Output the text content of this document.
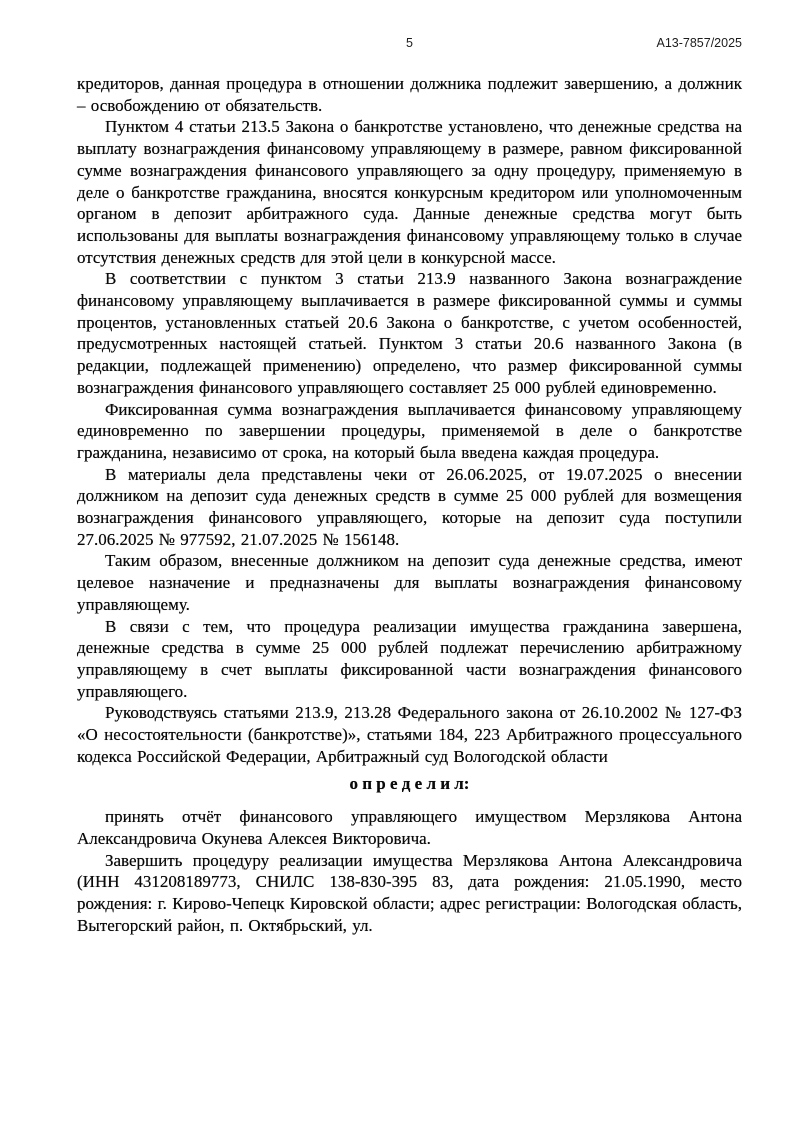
5	А13-7857/2025

кредиторов, данная процедура в отношении должника подлежит завершению, а должник – освобождению от обязательств.

Пунктом 4 статьи 213.5 Закона о банкротстве установлено, что денежные средства на выплату вознаграждения финансовому управляющему в размере, равном фиксированной сумме вознаграждения финансового управляющего за одну процедуру, применяемую в деле о банкротстве гражданина, вносятся конкурсным кредитором или уполномоченным органом в депозит арбитражного суда. Данные денежные средства могут быть использованы для выплаты вознаграждения финансовому управляющему только в случае отсутствия денежных средств для этой цели в конкурсной массе.

В соответствии с пунктом 3 статьи 213.9 названного Закона вознаграждение финансовому управляющему выплачивается в размере фиксированной суммы и суммы процентов, установленных статьей 20.6 Закона о банкротстве, с учетом особенностей, предусмотренных настоящей статьей. Пунктом 3 статьи 20.6 названного Закона (в редакции, подлежащей применению) определено, что размер фиксированной суммы вознаграждения финансового управляющего составляет 25 000 рублей единовременно.

Фиксированная сумма вознаграждения выплачивается финансовому управляющему единовременно по завершении процедуры, применяемой в деле о банкротстве гражданина, независимо от срока, на который была введена каждая процедура.

В материалы дела представлены чеки от 26.06.2025, от 19.07.2025 о внесении должником на депозит суда денежных средств в сумме 25 000 рублей для возмещения вознаграждения финансового управляющего, которые на депозит суда поступили 27.06.2025 № 977592, 21.07.2025 № 156148.

Таким образом, внесенные должником на депозит суда денежные средства, имеют целевое назначение и предназначены для выплаты вознаграждения финансовому управляющему.

В связи с тем, что процедура реализации имущества гражданина завершена, денежные средства в сумме 25 000 рублей подлежат перечислению арбитражному управляющему в счет выплаты фиксированной части вознаграждения финансового управляющего.

Руководствуясь статьями 213.9, 213.28 Федерального закона от 26.10.2002 № 127-ФЗ «О несостоятельности (банкротстве)», статьями 184, 223 Арбитражного процессуального кодекса Российской Федерации, Арбитражный суд Вологодской области

о п р е д е л и л:

принять отчёт финансового управляющего имуществом Мерзлякова Антона Александровича Окунева Алексея Викторовича.

Завершить процедуру реализации имущества Мерзлякова Антона Александровича (ИНН 431208189773, СНИЛС 138-830-395 83, дата рождения: 21.05.1990, место рождения: г. Кирово-Чепецк Кировской области; адрес регистрации: Вологодская область, Вытегорский район, п. Октябрьский, ул.
